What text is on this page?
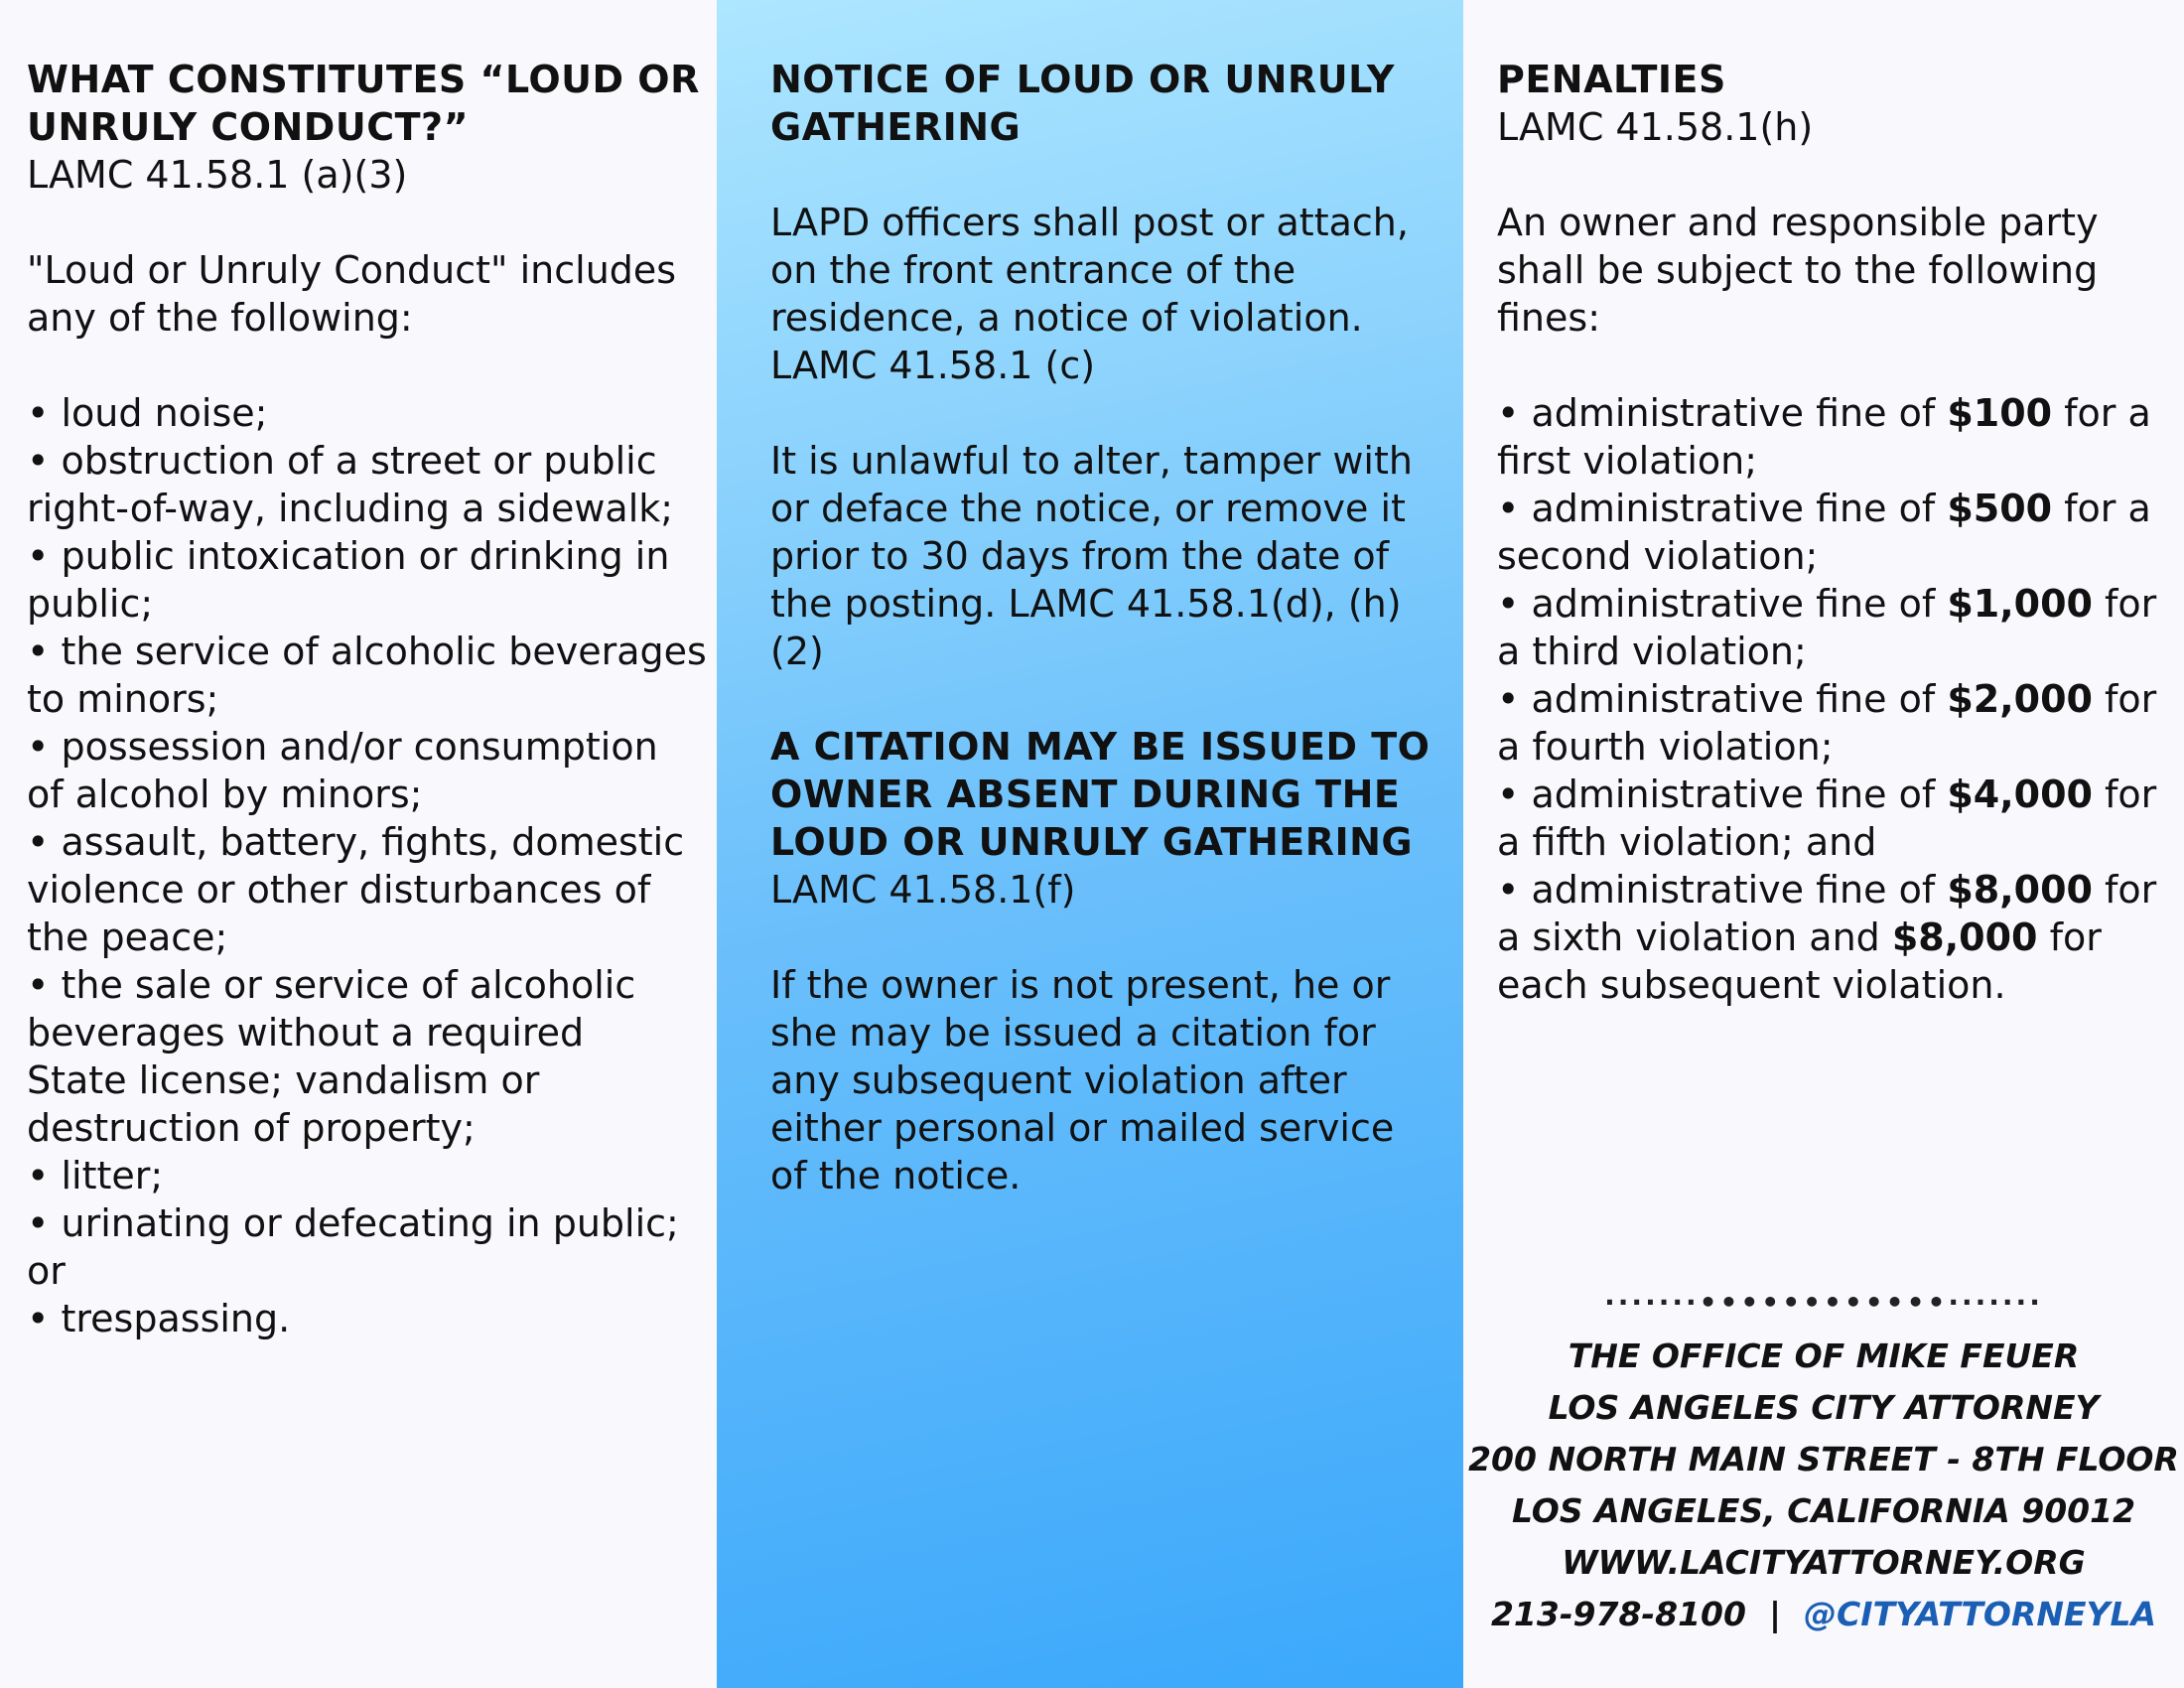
WHAT CONSTITUTES “LOUD OR
UNRULY CONDUCT?”
LAMC 41.58.1 (a)(3)
"Loud or Unruly Conduct" includes
any of the following:
• loud noise;
• obstruction of a street or public
right-of-way, including a sidewalk;
• public intoxication or drinking in
public;
• the service of alcoholic beverages
to minors;
• possession and/or consumption
of alcohol by minors;
• assault, battery, fights, domestic
violence or other disturbances of
the peace;
• the sale or service of alcoholic
beverages without a required
State license; vandalism or
destruction of property;
• litter;
• urinating or defecating in public;
or
• trespassing.
NOTICE OF LOUD OR UNRULY
GATHERING
LAPD officers shall post or attach,
on the front entrance of the
residence, a notice of violation.
LAMC 41.58.1 (c)
It is unlawful to alter, tamper with
or deface the notice, or remove it
prior to 30 days from the date of
the posting. LAMC 41.58.1(d), (h)
(2)
A CITATION MAY BE ISSUED TO
OWNER ABSENT DURING THE
LOUD OR UNRULY GATHERING
LAMC 41.58.1(f)
If the owner is not present, he or
she may be issued a citation for
any subsequent violation after
either personal or mailed service
of the notice.
PENALTIES
LAMC 41.58.1(h)
An owner and responsible party
shall be subject to the following
fines:
• administrative fine of $100 for a
first violation;
• administrative fine of $500 for a
second violation;
• administrative fine of $1,000 for
a third violation;
• administrative fine of $2,000 for
a fourth violation;
• administrative fine of $4,000 for
a fifth violation; and
• administrative fine of $8,000 for
a sixth violation and $8,000 for
each subsequent violation.
·······••••••••••••·······
THE OFFICE OF MIKE FEUER
LOS ANGELES CITY ATTORNEY
200 NORTH MAIN STREET - 8TH FLOOR
LOS ANGELES, CALIFORNIA 90012
WWW.LACITYATTORNEY.ORG
213-978-8100 | @CITYATTORNEYLA
